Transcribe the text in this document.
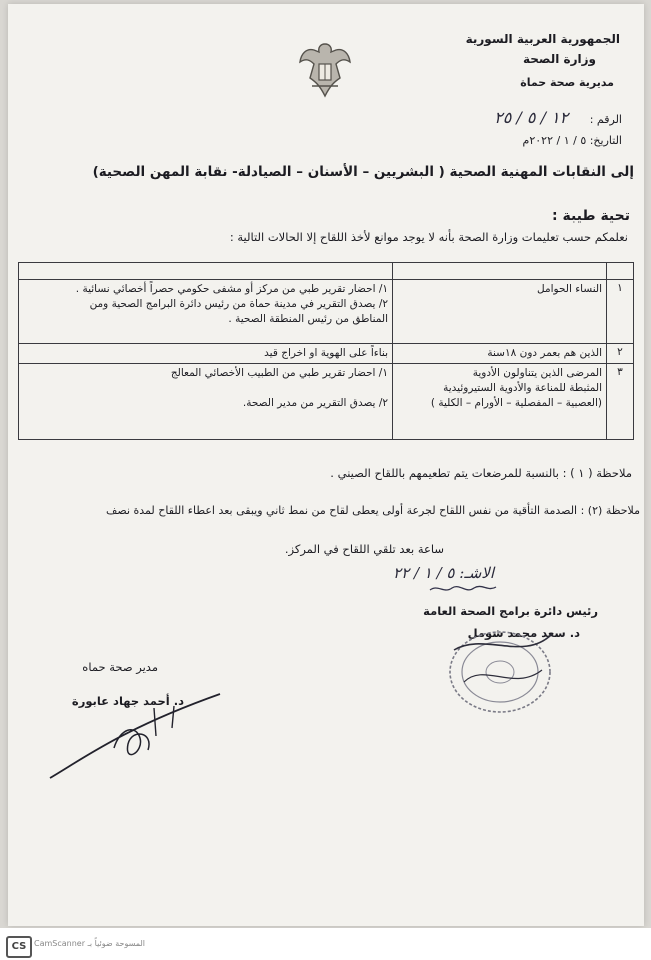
الجمهورية العربية السورية
وزارة الصحة
مديرية صحة حماة
الرقم : ١٢ / ٥ / ٢٥
التاريخ: ٥ / ١ / ٢٠٢٢م
إلى النقابات المهنية الصحية ( البشريين – الأسنان – الصيادلة- نقابة المهن الصحية)
تحية طيبة :
نعلمكم حسب تعليمات وزارة الصحة بأنه لا يوجد موانع لأخذ اللقاح إلا الحالات التالية :

١	النساء الحوامل	١/ احضار تقرير طبي من مركز أو مشفى حكومي حصراً أخصائي نسائية .
٢/ يصدق التقرير في مدينة حماة من رئيس دائرة البرامج الصحية ومن
المناطق من رئيس المنطقة الصحية .

٢	الذين هم بعمر دون ١٨سنة	بناءاً على الهوية او اخراج قيد

٣	المرضى الذين يتناولون الأدوية
المثبطة للمناعة والأدوية الستيروئيدية
(العصبية – المفصلية – الأورام – الكلية )	١/ احضار تقرير طبي من الطبيب الأخصائي المعالج

٢/ يصدق التقرير من مدير الصحة.
ملاحظة ( ١ ) : بالنسبة للمرضعات يتم تطعيمهم باللقاح الصيني .
ملاحظة (٢) : الصدمة التأقية من نفس اللقاح لجرعة أولى يعطى لقاح من نمط ثاني ويبقى بعد اعطاء اللقاح لمدة نصف
ساعة بعد تلقي اللقاح في المركز.
الاشـ: ٥ / ١ / ٢٢
رئيس دائرة برامج الصحة العامة
د. سعد محمد شومل
مدير صحة حماه
د. أحمد جهاد عابورة
CS CamScanner المسوحة ضوئياً بـ
